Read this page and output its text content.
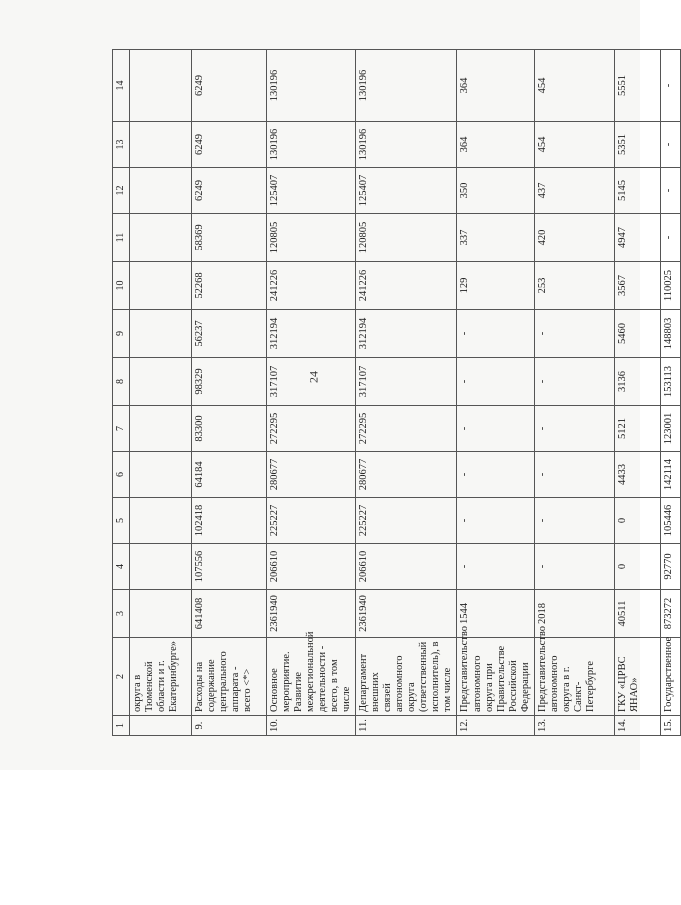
24
1	2	3	4	5	6	7	8	9	10	11	12	13	14
	округа в Тюменской области и г. Екатеринбурге»												
9.	Расходы на содержание центрального аппарата - всего <*>	641408	107556	102418	64184	83300	98329	56237	52268	58369	6249	6249	6249
10.	Основное мероприятие. Развитие межрегиональной деятельности - всего, в том числе	2361940	206610	225227	280677	272295	317107	312194	241226	120805	125407	130196	130196
11.	Департамент внешних связей автономного округа (ответственный исполнитель), в том числе	2361940	206610	225227	280677	272295	317107	312194	241226	120805	125407	130196	130196
12.	Представительство автономного округа при Правительстве Российской Федерации	1544	-	-	-	-	-	-	129	337	350	364	364
13.	Представительство автономного округа в г. Санкт-Петербурге	2018	-	-	-	-	-	-	253	420	437	454	454
14.	ГКУ «ЦРВС ЯНАО»	40511	0	0	4433	5121	3136	5460	3567	4947	5145	5351	5551
15.	Государственное	873272	92770	105446	142114	123001	153113	148803	110025	-	-	-	-
